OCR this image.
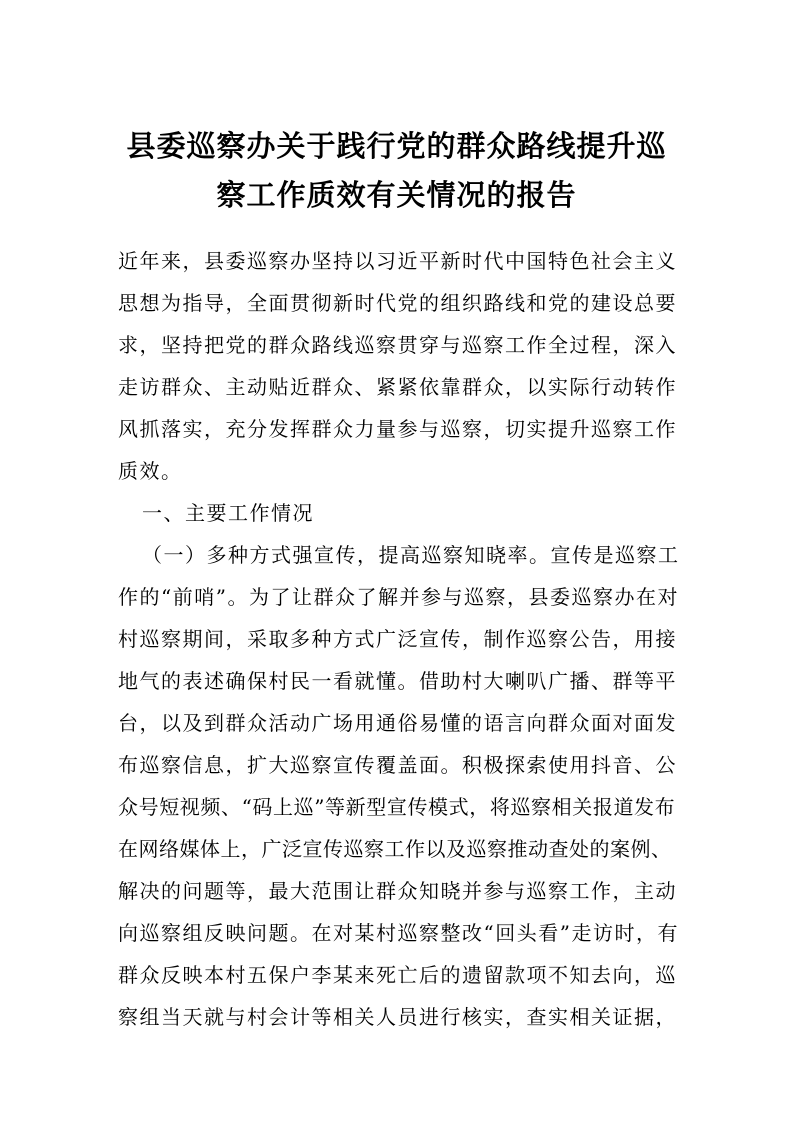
县委巡察办关于践行党的群众路线提升巡
察工作质效有关情况的报告
近年来，县委巡察办坚持以习近平新时代中国特色社会主义
思想为指导，全面贯彻新时代党的组织路线和党的建设总要
求，坚持把党的群众路线巡察贯穿与巡察工作全过程，深入
走访群众、主动贴近群众、紧紧依靠群众，以实际行动转作
风抓落实，充分发挥群众力量参与巡察，切实提升巡察工作
质效。
一、主要工作情况
（一）多种方式强宣传，提高巡察知晓率。宣传是巡察工
作的“前哨”。为了让群众了解并参与巡察，县委巡察办在对
村巡察期间，采取多种方式广泛宣传，制作巡察公告，用接
地气的表述确保村民一看就懂。借助村大喇叭广播、群等平
台，以及到群众活动广场用通俗易懂的语言向群众面对面发
布巡察信息，扩大巡察宣传覆盖面。积极探索使用抖音、公
众号短视频、“码上巡”等新型宣传模式，将巡察相关报道发布
在网络媒体上，广泛宣传巡察工作以及巡察推动查处的案例、
解决的问题等，最大范围让群众知晓并参与巡察工作，主动
向巡察组反映问题。在对某村巡察整改“回头看”走访时，有
群众反映本村五保户李某来死亡后的遗留款项不知去向，巡
察组当天就与村会计等相关人员进行核实，查实相关证据，
